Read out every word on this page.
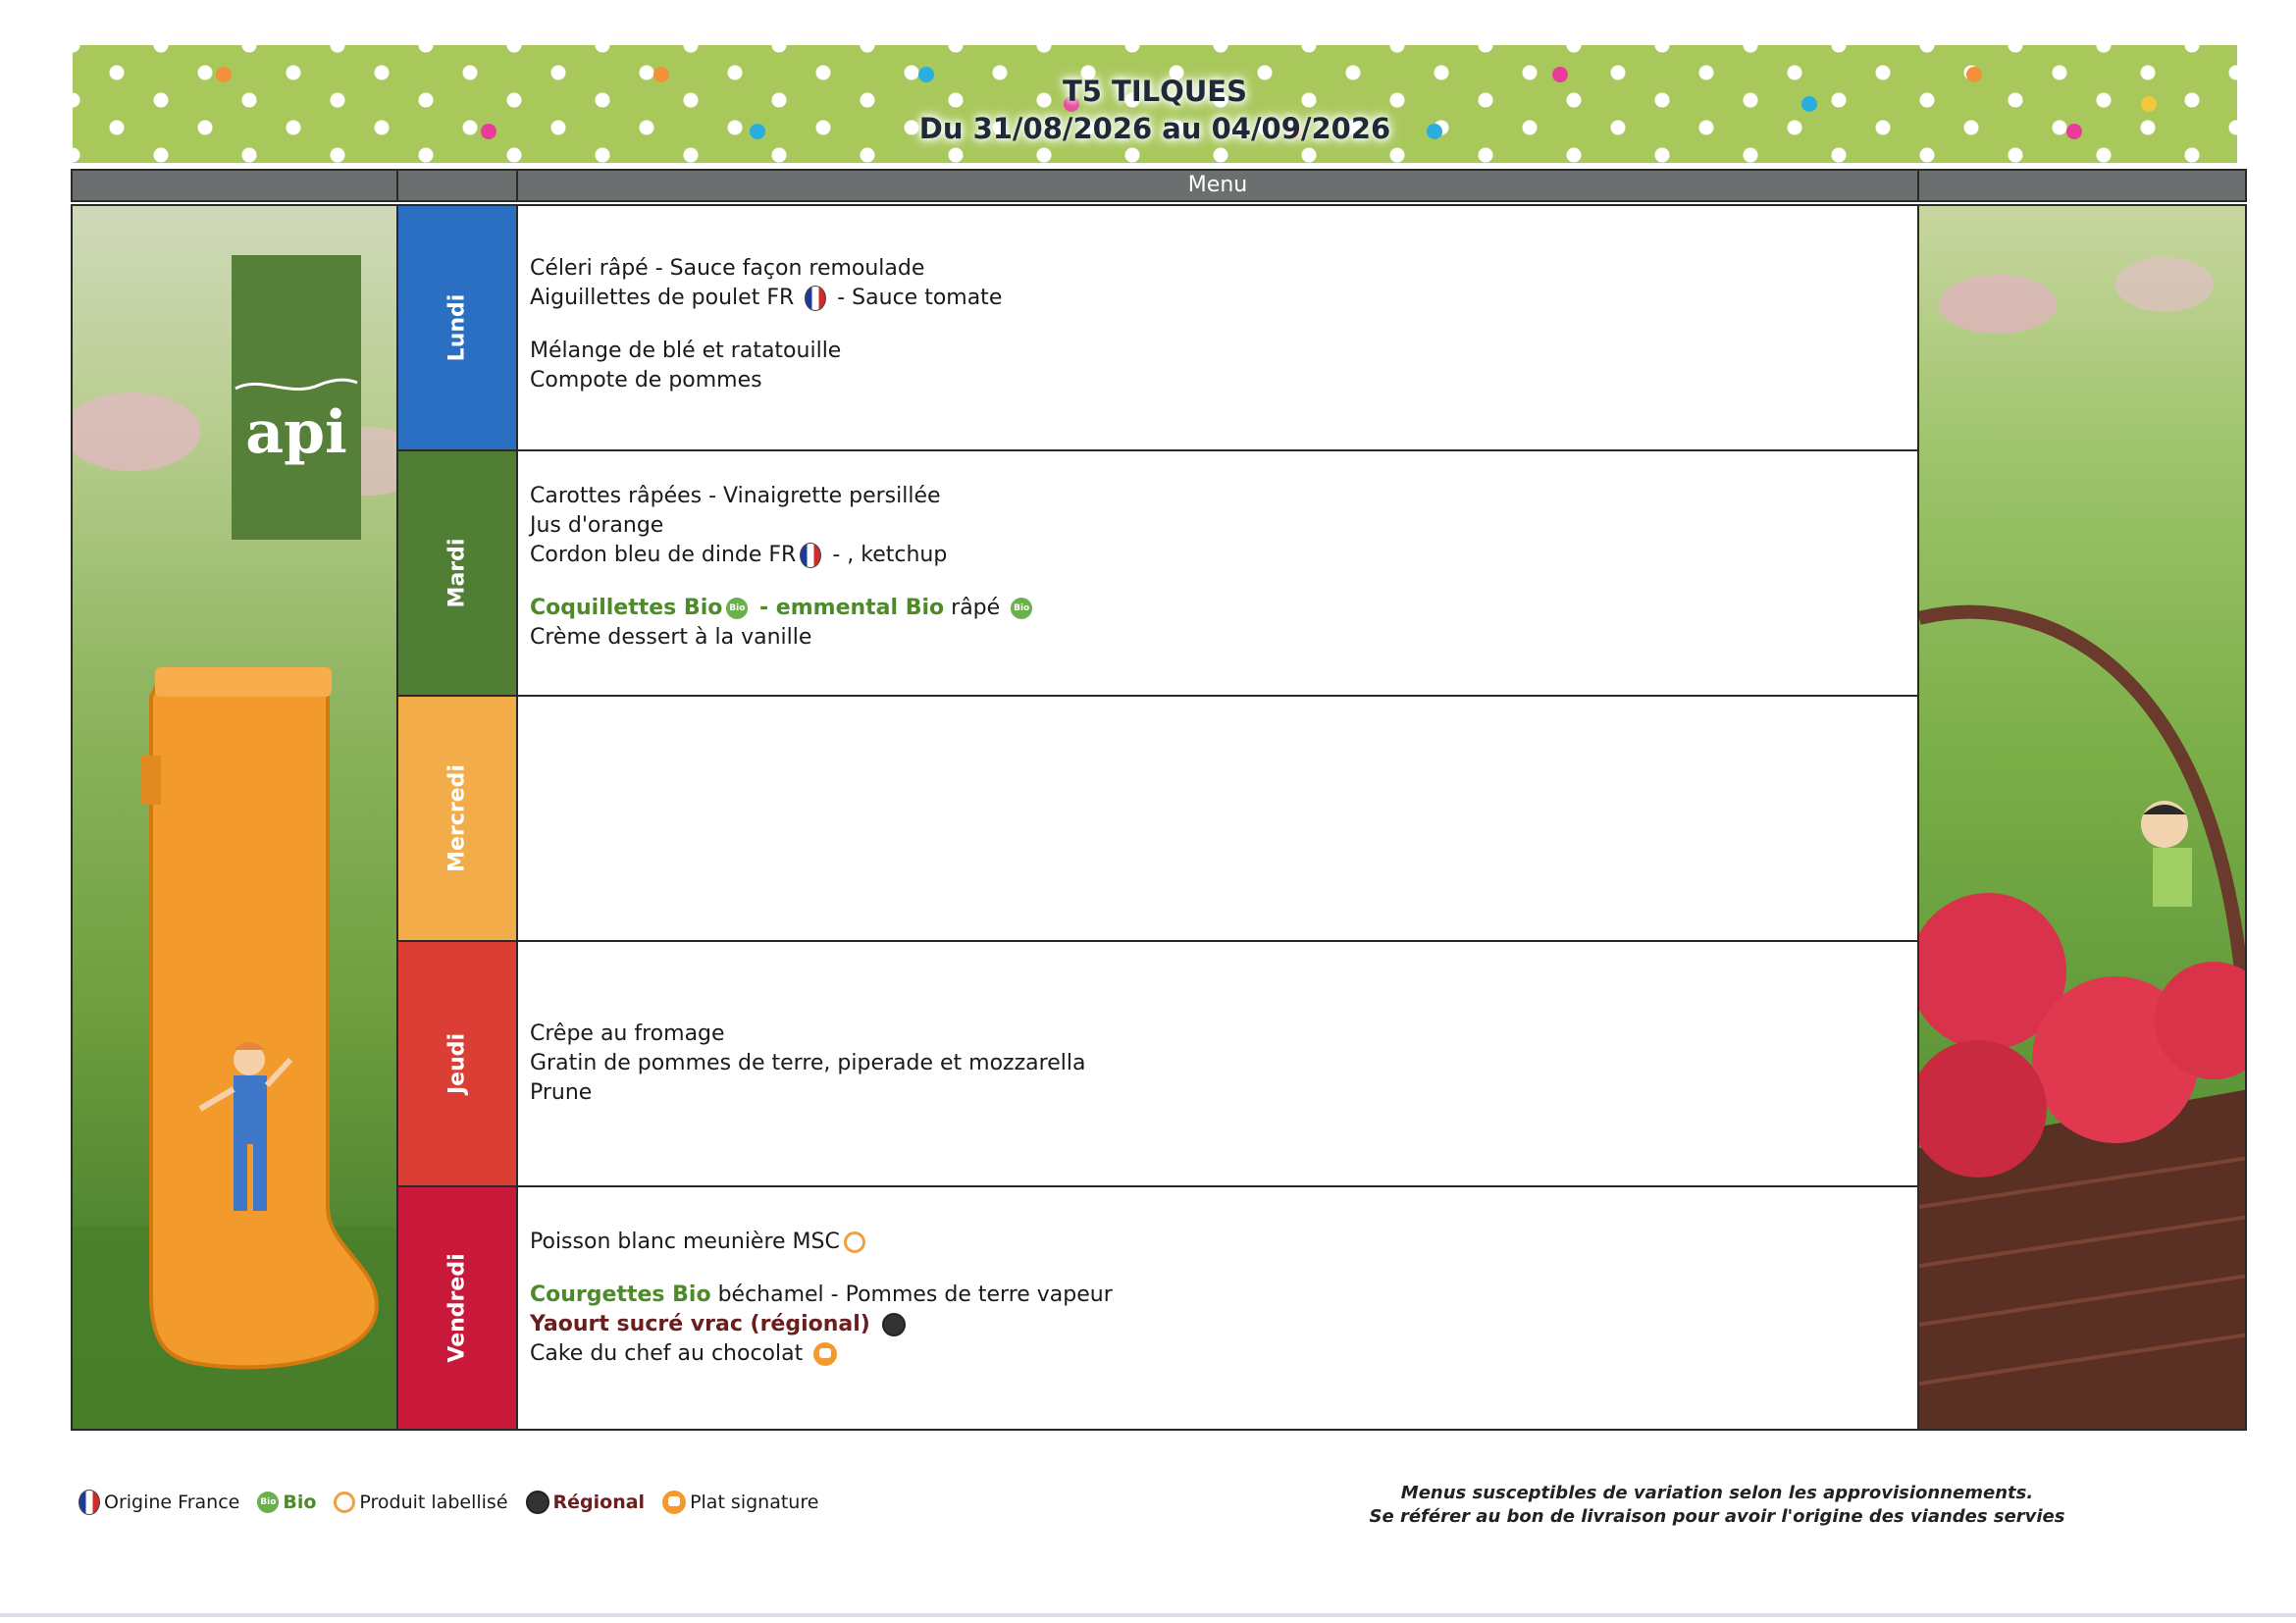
T5 TILQUES
Du 31/08/2026 au 04/09/2026
Menu
api
Lundi
Mardi
Mercredi
Jeudi
Vendredi
Céleri râpé - Sauce façon remoulade
Aiguillettes de poulet FR  - Sauce tomate
Mélange de blé et ratatouille
Compote de pommes
Carottes râpées - Vinaigrette persillée
Jus d'orange
Cordon bleu de dinde FR - , ketchup
Coquillettes Bio Bio - emmental Bio râpé Bio
Crème dessert à la vanille
Crêpe au fromage
Gratin de pommes de terre, piperade et mozzarella
Prune
Poisson blanc meunière MSC
Courgettes Bio béchamel - Pommes de terre vapeur
Yaourt sucré vrac (régional)
Cake du chef au chocolat
Origine France Bio Bio Produit labellisé Régional Plat signature	Menus susceptibles de variation selon les approvisionnements.
Se référer au bon de livraison pour avoir l'origine des viandes servies
